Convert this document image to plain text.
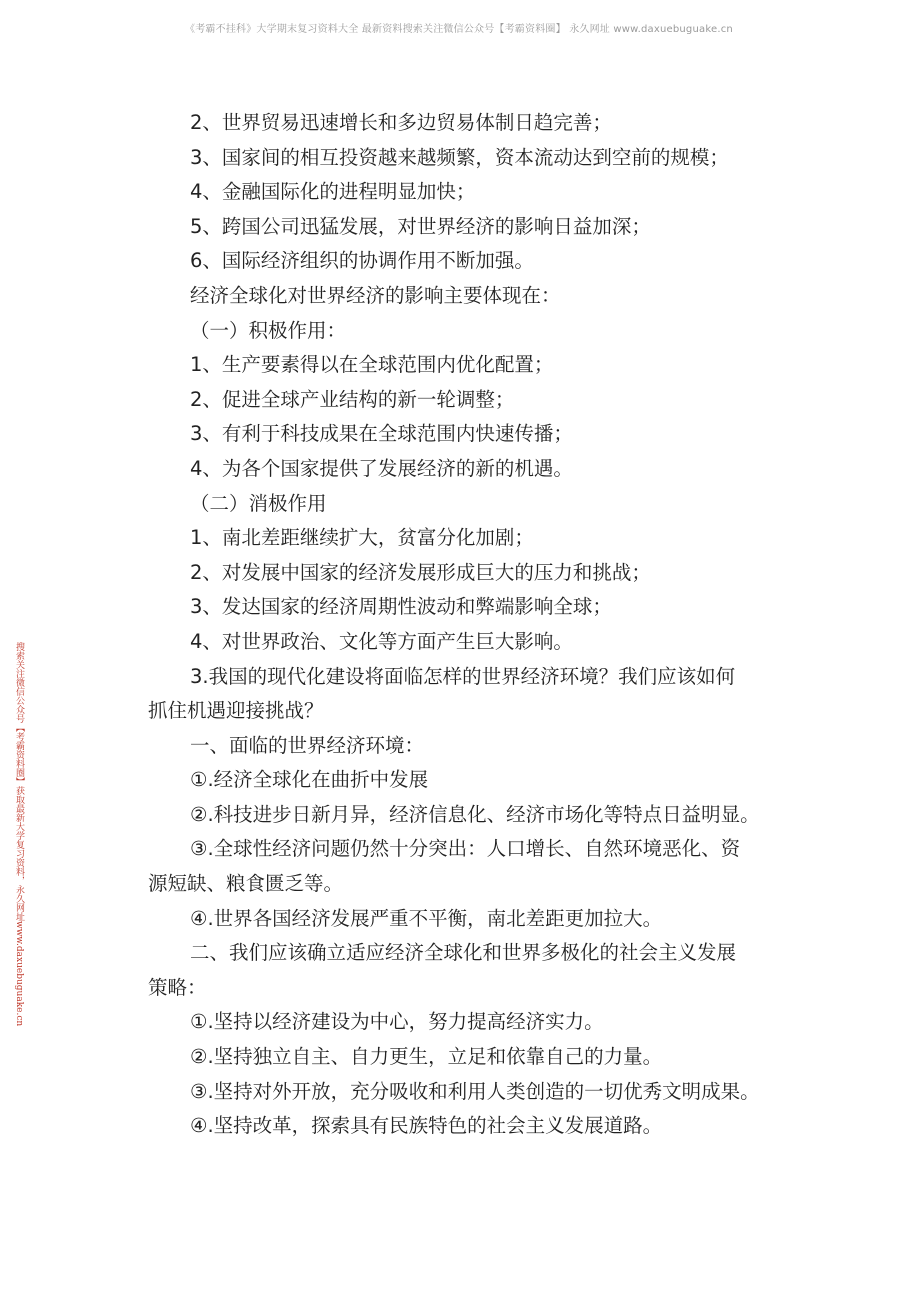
《考霸不挂科》大学期末复习资料大全 最新资料搜索关注微信公众号【考霸资料圈】 永久网址 www.daxuebuguake.cn
搜索关注微信公众号【考霸资料圈】获取最新大学复习资料，永久网址www.daxuebuguake.cn

2、世界贸易迅速增长和多边贸易体制日趋完善；

3、国家间的相互投资越来越频繁，资本流动达到空前的规模；

4、金融国际化的进程明显加快；

5、跨国公司迅猛发展，对世界经济的影响日益加深；

6、国际经济组织的协调作用不断加强。

经济全球化对世界经济的影响主要体现在：

（一）积极作用：

1、生产要素得以在全球范围内优化配置；

2、促进全球产业结构的新一轮调整；

3、有利于科技成果在全球范围内快速传播；

4、为各个国家提供了发展经济的新的机遇。

（二）消极作用

1、南北差距继续扩大，贫富分化加剧；

2、对发展中国家的经济发展形成巨大的压力和挑战；

3、发达国家的经济周期性波动和弊端影响全球；

4、对世界政治、文化等方面产生巨大影响。

3.我国的现代化建设将面临怎样的世界经济环境？我们应该如何

抓住机遇迎接挑战？

一、面临的世界经济环境：

①.经济全球化在曲折中发展

②.科技进步日新月异，经济信息化、经济市场化等特点日益明显。

③.全球性经济问题仍然十分突出：人口增长、自然环境恶化、资

源短缺、粮食匮乏等。

④.世界各国经济发展严重不平衡，南北差距更加拉大。

二、我们应该确立适应经济全球化和世界多极化的社会主义发展

策略：

①.坚持以经济建设为中心，努力提高经济实力。

②.坚持独立自主、自力更生，立足和依靠自己的力量。

③.坚持对外开放，充分吸收和利用人类创造的一切优秀文明成果。

④.坚持改革，探索具有民族特色的社会主义发展道路。
